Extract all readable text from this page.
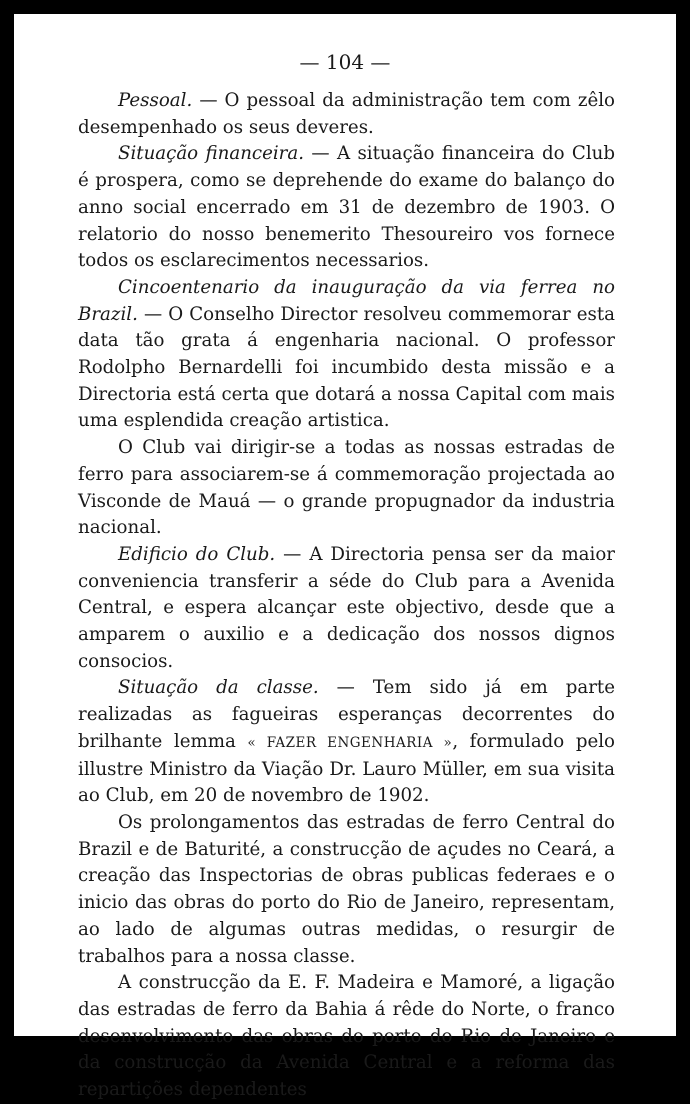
— 104 —

Pessoal. — O pessoal da administração tem com zêlo desempenhado os seus deveres.

Situação financeira. — A situação financeira do Club é prospera, como se deprehende do exame do balanço do anno social encerrado em 31 de dezembro de 1903. O relatorio do nosso benemerito Thesoureiro vos fornece todos os esclarecimentos necessarios.

Cincoentenario da inauguração da via ferrea no Brazil. — O Conselho Director resolveu commemorar esta data tão grata á engenharia nacional. O professor Rodolpho Bernardelli foi incumbido desta missão e a Directoria está certa que dotará a nossa Capital com mais uma esplendida creação artistica.

O Club vai dirigir-se a todas as nossas estradas de ferro para associarem-se á commemoração projectada ao Visconde de Mauá — o grande propugnador da industria nacional.

Edificio do Club. — A Directoria pensa ser da maior conveniencia transferir a séde do Club para a Avenida Central, e espera alcançar este objectivo, desde que a amparem o auxilio e a dedicação dos nossos dignos consocios.

Situação da classe. — Tem sido já em parte realizadas as fagueiras esperanças decorrentes do brilhante lemma « FAZER ENGENHARIA », formulado pelo illustre Ministro da Viação Dr. Lauro Müller, em sua visita ao Club, em 20 de novembro de 1902.

Os prolongamentos das estradas de ferro Central do Brazil e de Baturité, a construcção de açudes no Ceará, a creação das Inspectorias de obras publicas federaes e o inicio das obras do porto do Rio de Janeiro, representam, ao lado de algumas outras medidas, o resurgir de trabalhos para a nossa classe.

A construcção da E. F. Madeira e Mamoré, a ligação das estradas de ferro da Bahia á rêde do Norte, o franco desenvolvimento das obras do porto do Rio de Janeiro e da construcção da Avenida Central e a reforma das repartições dependentes
